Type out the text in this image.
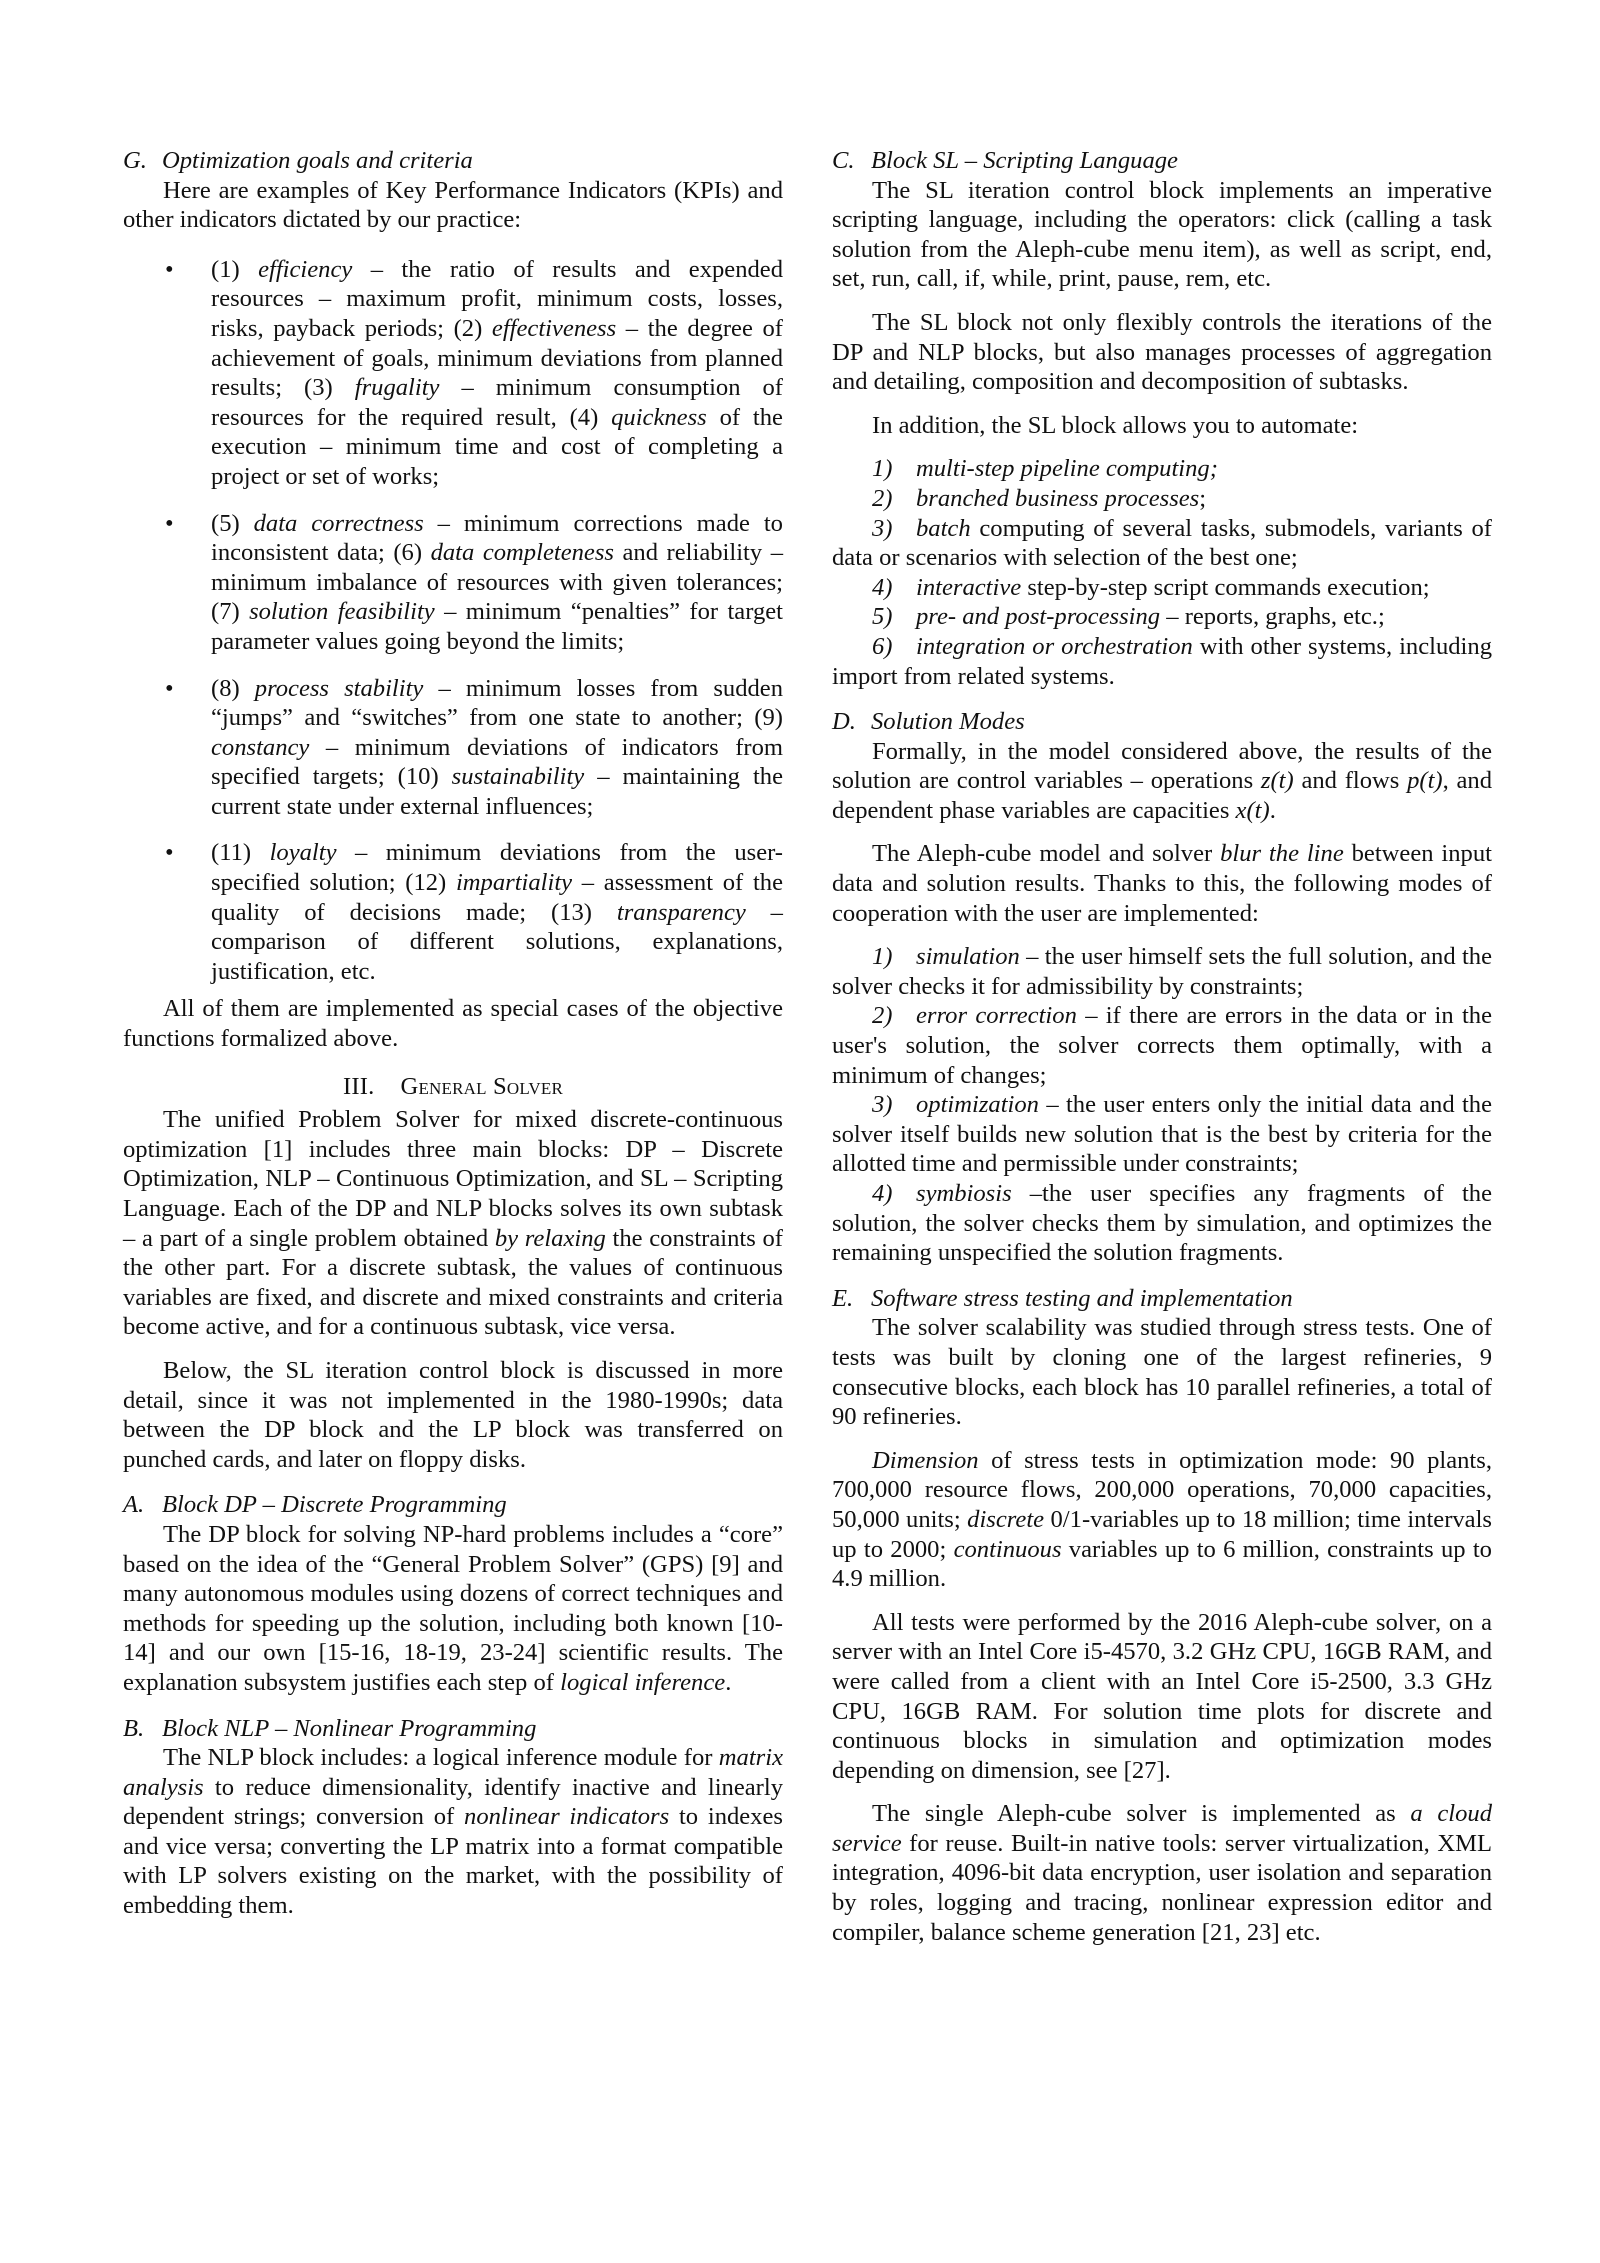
G. Optimization goals and criteria

Here are examples of Key Performance Indicators (KPIs) and other indicators dictated by our practice:

• (1) efficiency – the ratio of results and expended resources – maximum profit, minimum costs, losses, risks, payback periods; (2) effectiveness – the degree of achievement of goals, minimum deviations from planned results; (3) frugality – minimum consumption of resources for the required result, (4) quickness of the execution – minimum time and cost of completing a project or set of works;
• (5) data correctness – minimum corrections made to inconsistent data; (6) data completeness and reliability – minimum imbalance of resources with given tolerances; (7) solution feasibility – minimum “penalties” for target parameter values going beyond the limits;
• (8) process stability – minimum losses from sudden “jumps” and “switches” from one state to another; (9) constancy – minimum deviations of indicators from specified targets; (10) sustainability – maintaining the current state under external influences;
• (11) loyalty – minimum deviations from the user-specified solution; (12) impartiality – assessment of the quality of decisions made; (13) transparency – comparison of different solutions, explanations, justification, etc.

All of them are implemented as special cases of the objective functions formalized above.

III. General Solver

The unified Problem Solver for mixed discrete-continuous optimization [1] includes three main blocks: DP – Discrete Optimization, NLP – Continuous Optimization, and SL – Scripting Language. Each of the DP and NLP blocks solves its own subtask – a part of a single problem obtained by relaxing the constraints of the other part. For a discrete subtask, the values of continuous variables are fixed, and discrete and mixed constraints and criteria become active, and for a continuous subtask, vice versa.

Below, the SL iteration control block is discussed in more detail, since it was not implemented in the 1980-1990s; data between the DP block and the LP block was transferred on punched cards, and later on floppy disks.

A. Block DP – Discrete Programming

The DP block for solving NP-hard problems includes a “core” based on the idea of the “General Problem Solver” (GPS) [9] and many autonomous modules using dozens of correct techniques and methods for speeding up the solution, including both known [10-14] and our own [15-16, 18-19, 23-24] scientific results. The explanation subsystem justifies each step of logical inference.

B. Block NLP – Nonlinear Programming

The NLP block includes: a logical inference module for matrix analysis to reduce dimensionality, identify inactive and linearly dependent strings; conversion of nonlinear indicators to indexes and vice versa; converting the LP matrix into a format compatible with LP solvers existing on the market, with the possibility of embedding them.

C. Block SL – Scripting Language

The SL iteration control block implements an imperative scripting language, including the operators: click (calling a task solution from the Aleph-cube menu item), as well as script, end, set, run, call, if, while, print, pause, rem, etc.

The SL block not only flexibly controls the iterations of the DP and NLP blocks, but also manages processes of aggregation and detailing, composition and decomposition of subtasks.

In addition, the SL block allows you to automate:

1) multi-step pipeline computing;

2) branched business processes;

3) batch computing of several tasks, submodels, variants of data or scenarios with selection of the best one;

4) interactive step-by-step script commands execution;

5) pre- and post-processing – reports, graphs, etc.;

6) integration or orchestration with other systems, including import from related systems.

D. Solution Modes

Formally, in the model considered above, the results of the solution are control variables – operations z(t) and flows p(t), and dependent phase variables are capacities x(t).

The Aleph-cube model and solver blur the line between input data and solution results. Thanks to this, the following modes of cooperation with the user are implemented:

1) simulation – the user himself sets the full solution, and the solver checks it for admissibility by constraints;

2) error correction – if there are errors in the data or in the user's solution, the solver corrects them optimally, with a minimum of changes;

3) optimization – the user enters only the initial data and the solver itself builds new solution that is the best by criteria for the allotted time and permissible under constraints;

4) symbiosis –the user specifies any fragments of the solution, the solver checks them by simulation, and optimizes the remaining unspecified the solution fragments.

E. Software stress testing and implementation

The solver scalability was studied through stress tests. One of tests was built by cloning one of the largest refineries, 9 consecutive blocks, each block has 10 parallel refineries, a total of 90 refineries.

Dimension of stress tests in optimization mode: 90 plants, 700,000 resource flows, 200,000 operations, 70,000 capacities, 50,000 units; discrete 0/1-variables up to 18 million; time intervals up to 2000; continuous variables up to 6 million, constraints up to 4.9 million.

All tests were performed by the 2016 Aleph-cube solver, on a server with an Intel Core i5-4570, 3.2 GHz CPU, 16GB RAM, and were called from a client with an Intel Core i5-2500, 3.3 GHz CPU, 16GB RAM. For solution time plots for discrete and continuous blocks in simulation and optimization modes depending on dimension, see [27].

The single Aleph-cube solver is implemented as a cloud service for reuse. Built-in native tools: server virtualization, XML integration, 4096-bit data encryption, user isolation and separation by roles, logging and tracing, nonlinear expression editor and compiler, balance scheme generation [21, 23] etc.
